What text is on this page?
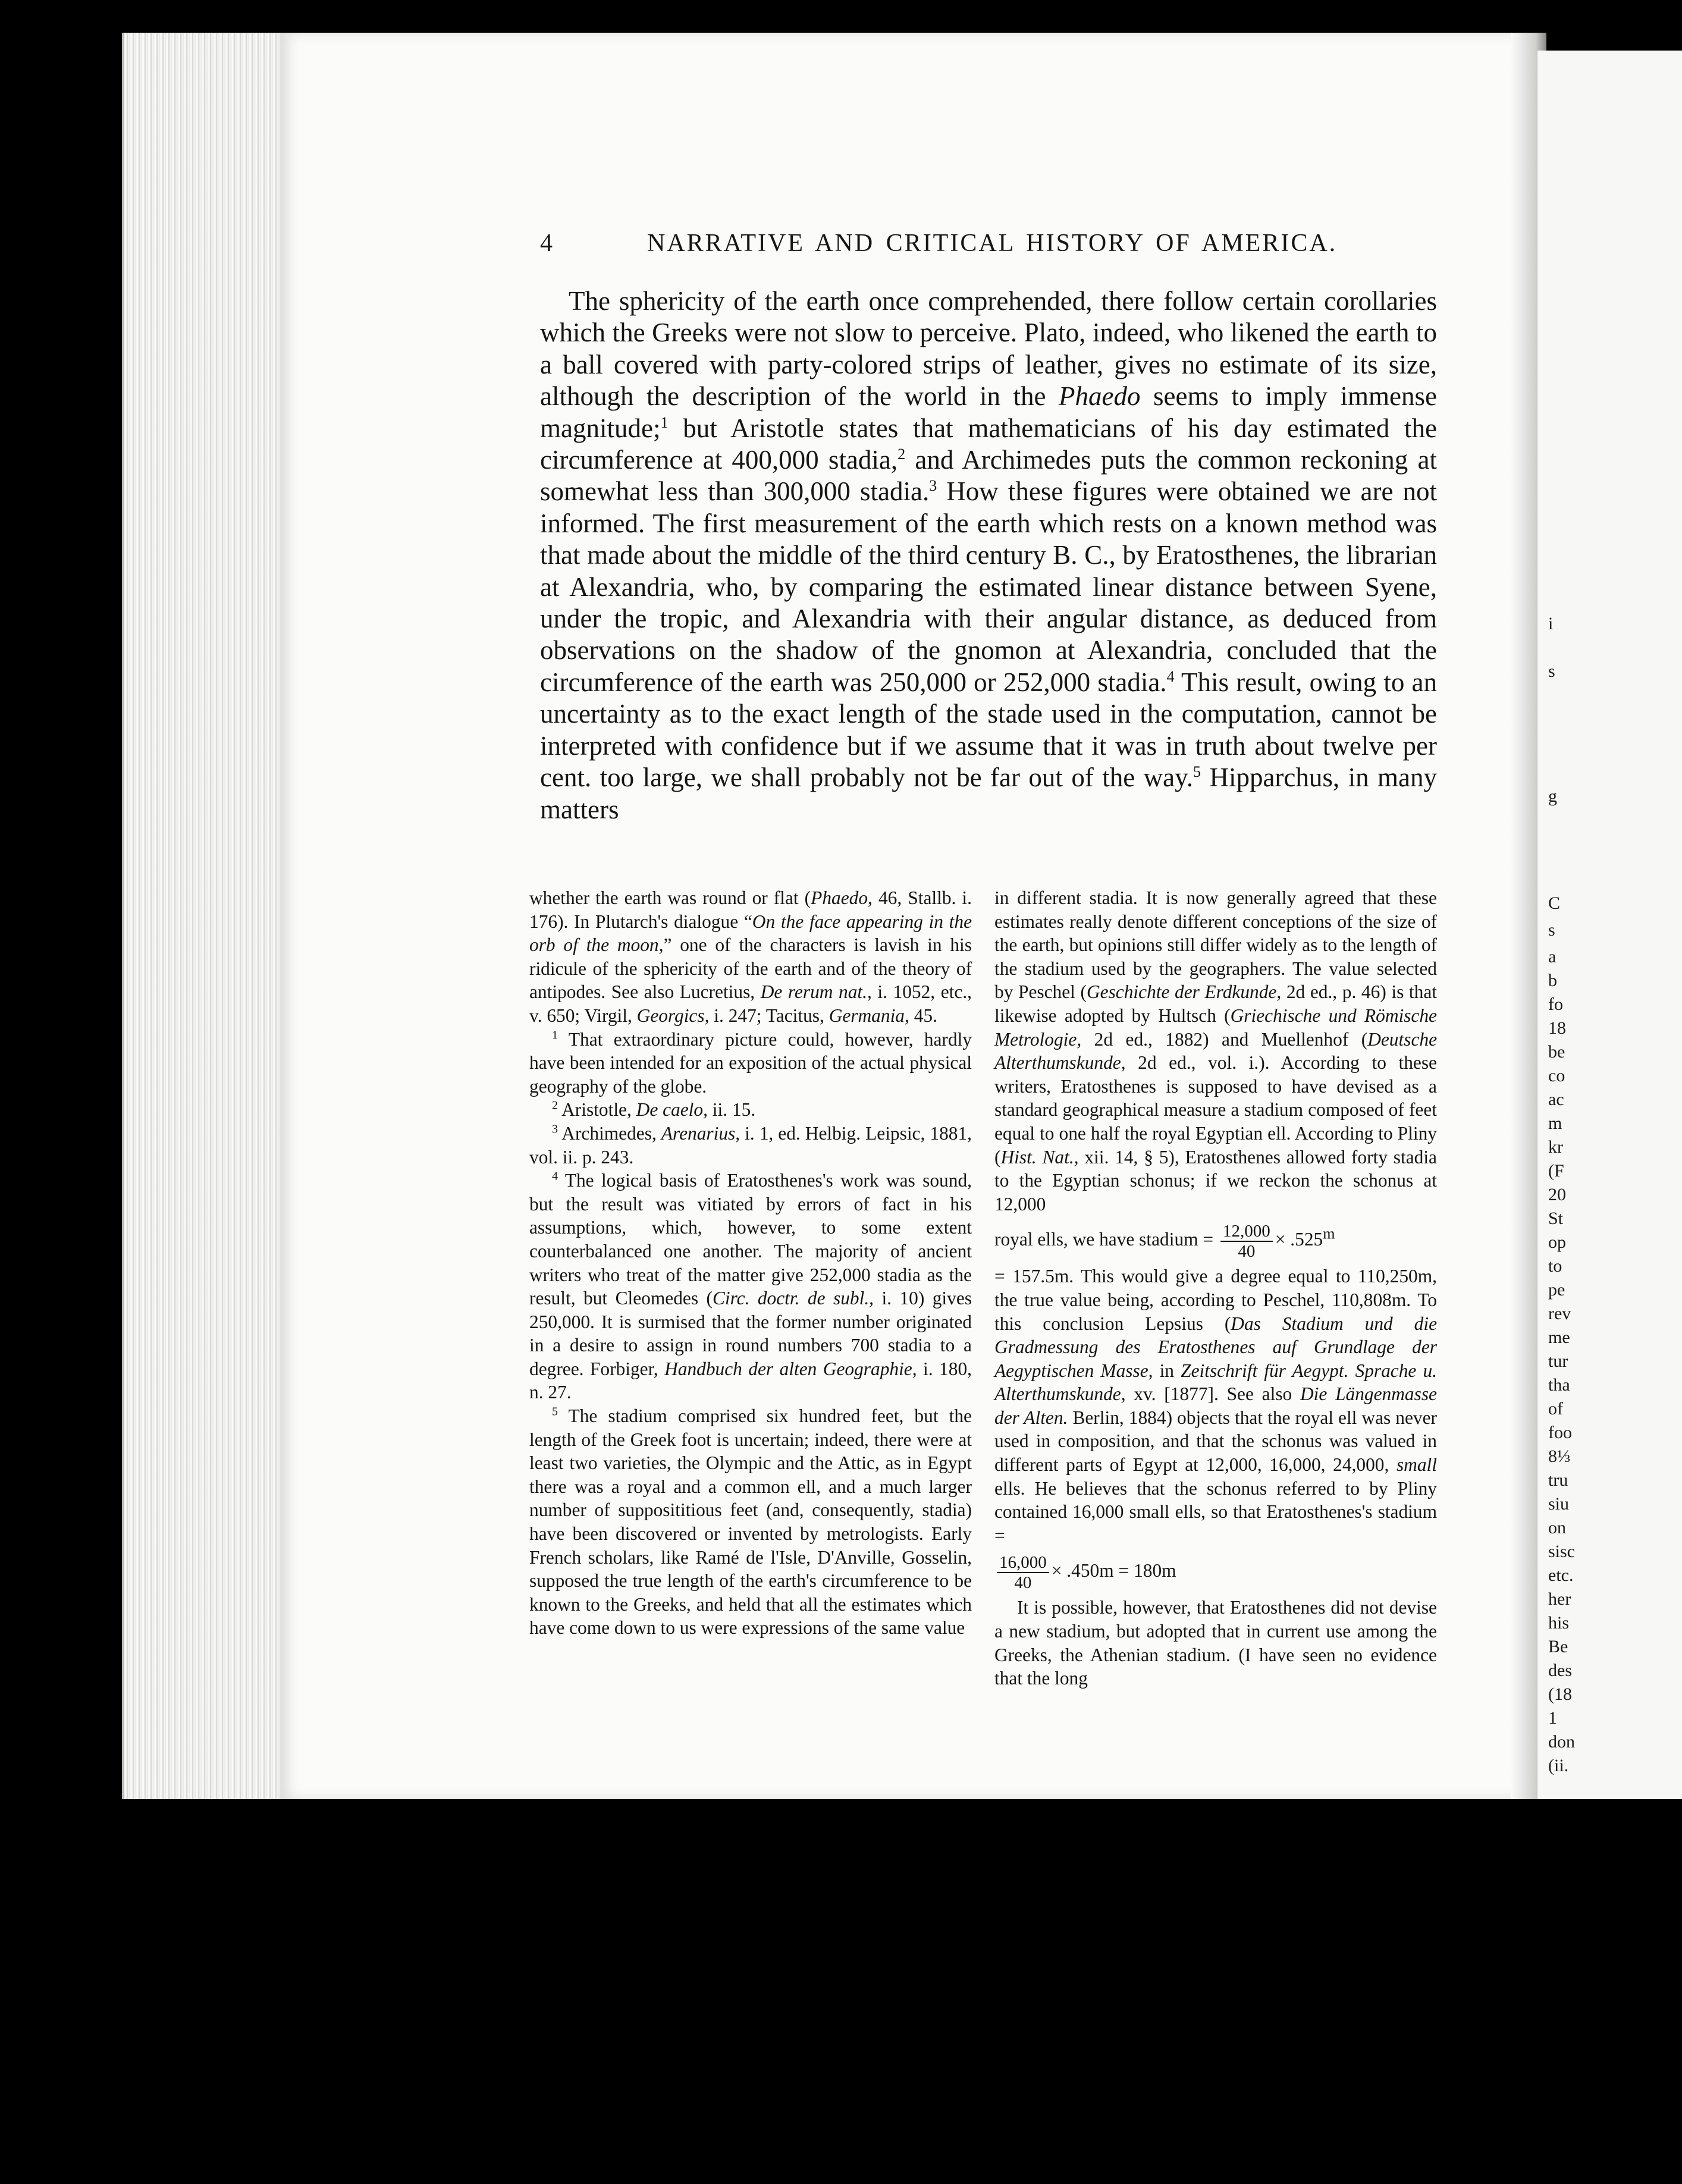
i
s
g
C
s
a
b
fo
18
be
co
ac
m
kr
(F
20
St
op
to
pe
rev
me
tur
tha
of
foo
8⅓
tru
siu
on
sisc
etc.
her
his
Be
des
(18
1
don
(ii.
4	NARRATIVE AND CRITICAL HISTORY OF AMERICA.

The sphericity of the earth once comprehended, there follow certain corollaries which the Greeks were not slow to perceive. Plato, indeed, who likened the earth to a ball covered with party-colored strips of leather, gives no estimate of its size, although the description of the world in the Phaedo seems to imply immense magnitude;$^1$ but Aristotle states that mathematicians of his day estimated the circumference at 400,000 stadia,$^2$ and Archimedes puts the common reckoning at somewhat less than 300,000 stadia.$^3$ How these figures were obtained we are not informed. The first measurement of the earth which rests on a known method was that made about the middle of the third century B. C., by Eratosthenes, the librarian at Alexandria, who, by comparing the estimated linear distance between Syene, under the tropic, and Alexandria with their angular distance, as deduced from observations on the shadow of the gnomon at Alexandria, concluded that the circumference of the earth was 250,000 or 252,000 stadia.$^4$ This result, owing to an uncertainty as to the exact length of the stade used in the computation, cannot be interpreted with confidence but if we assume that it was in truth about twelve per cent. too large, we shall probably not be far out of the way.$^5$ Hipparchus, in many matters

whether the earth was round or flat (Phaedo, 46, Stallb. i. 176). In Plutarch's dialogue “On the face appearing in the orb of the moon,” one of the characters is lavish in his ridicule of the sphericity of the earth and of the theory of antipodes. See also Lucretius, De rerum nat., i. 1052, etc., v. 650; Virgil, Georgics, i. 247; Tacitus, Germania, 45.

$^1$ That extraordinary picture could, however, hardly have been intended for an exposition of the actual physical geography of the globe.

$^2$ Aristotle, De caelo, ii. 15.

$^3$ Archimedes, Arenarius, i. 1, ed. Helbig. Leipsic, 1881, vol. ii. p. 243.

$^4$ The logical basis of Eratosthenes's work was sound, but the result was vitiated by errors of fact in his assumptions, which, however, to some extent counterbalanced one another. The majority of ancient writers who treat of the matter give 252,000 stadia as the result, but Cleomedes (Circ. doctr. de subl., i. 10) gives 250,000. It is surmised that the former number originated in a desire to assign in round numbers 700 stadia to a degree. Forbiger, Handbuch der alten Geographie, i. 180, n. 27.

$^5$ The stadium comprised six hundred feet, but the length of the Greek foot is uncertain; indeed, there were at least two varieties, the Olympic and the Attic, as in Egypt there was a royal and a common ell, and a much larger number of supposititious feet (and, consequently, stadia) have been discovered or invented by metrologists. Early French scholars, like Ramé de l'Isle, D'Anville, Gosselin, supposed the true length of the earth's circumference to be known to the Greeks, and held that all the estimates which have come down to us were expressions of the same value

in different stadia. It is now generally agreed that these estimates really denote different conceptions of the size of the earth, but opinions still differ widely as to the length of the stadium used by the geographers. The value selected by Peschel (Geschichte der Erdkunde, 2d ed., p. 46) is that likewise adopted by Hultsch (Griechische und Römische Metrologie, 2d ed., 1882) and Muellenhof (Deutsche Alterthumskunde, 2d ed., vol. i.). According to these writers, Eratosthenes is supposed to have devised as a standard geographical measure a stadium composed of feet equal to one half the royal Egyptian ell. According to Pliny (Hist. Nat., xii. 14, § 5), Eratosthenes allowed forty stadia to the Egyptian schonus; if we reckon the schonus at 12,000

royal ells, we have stadium = $\frac{12,000}{40} \times .525^m$

= 157.5m. This would give a degree equal to 110,250m, the true value being, according to Peschel, 110,808m. To this conclusion Lepsius (Das Stadium und die Gradmessung des Eratosthenes auf Grundlage der Aegyptischen Masse, in Zeitschrift für Aegypt. Sprache u. Alterthumskunde, xv. [1877]. See also Die Längenmasse der Alten. Berlin, 1884) objects that the royal ell was never used in composition, and that the schonus was valued in different parts of Egypt at 12,000, 16,000, 24,000, small ells. He believes that the schonus referred to by Pliny contained 16,000 small ells, so that Eratosthenes's stadium =

$\frac{16,000}{40} \times .450m = 180m$

It is possible, however, that Eratosthenes did not devise a new stadium, but adopted that in current use among the Greeks, the Athenian stadium. (I have seen no evidence that the long
